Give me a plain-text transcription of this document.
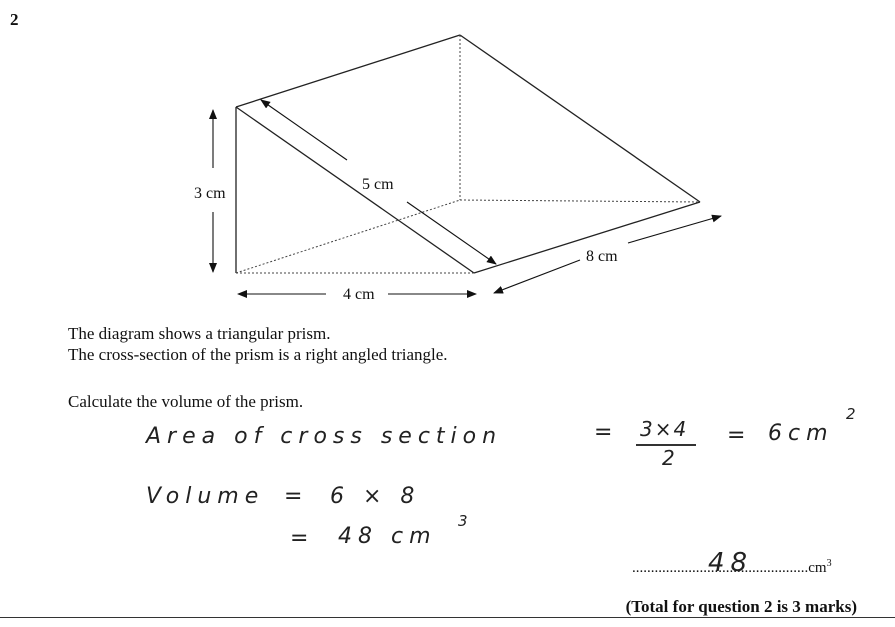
2
3 cm
5 cm
4 cm
8 cm
The diagram shows a triangular prism.
The cross-section of the prism is a right angled triangle.
Calculate the volume of the prism.
Area of cross section	= 3×4
2
= 6cm
2
Volume = 6 × 8
= 48 cm
3
$...............................................cm^3$
48
(Total for question 2 is 3 marks)
